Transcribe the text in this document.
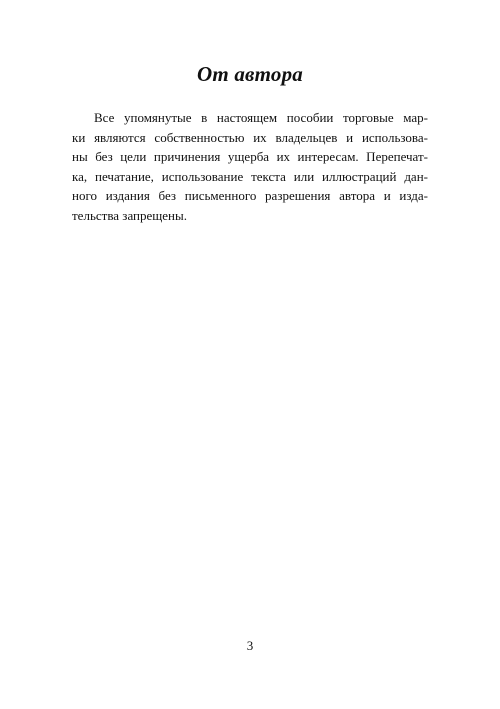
От автора
Все упомянутые в настоящем пособии торговые мар-
ки являются собственностью их владельцев и использова-
ны без цели причинения ущерба их интересам. Перепечат-
ка, печатание, использование текста или иллюстраций дан-
ного издания без письменного разрешения автора и изда-
тельства запрещены.

3
